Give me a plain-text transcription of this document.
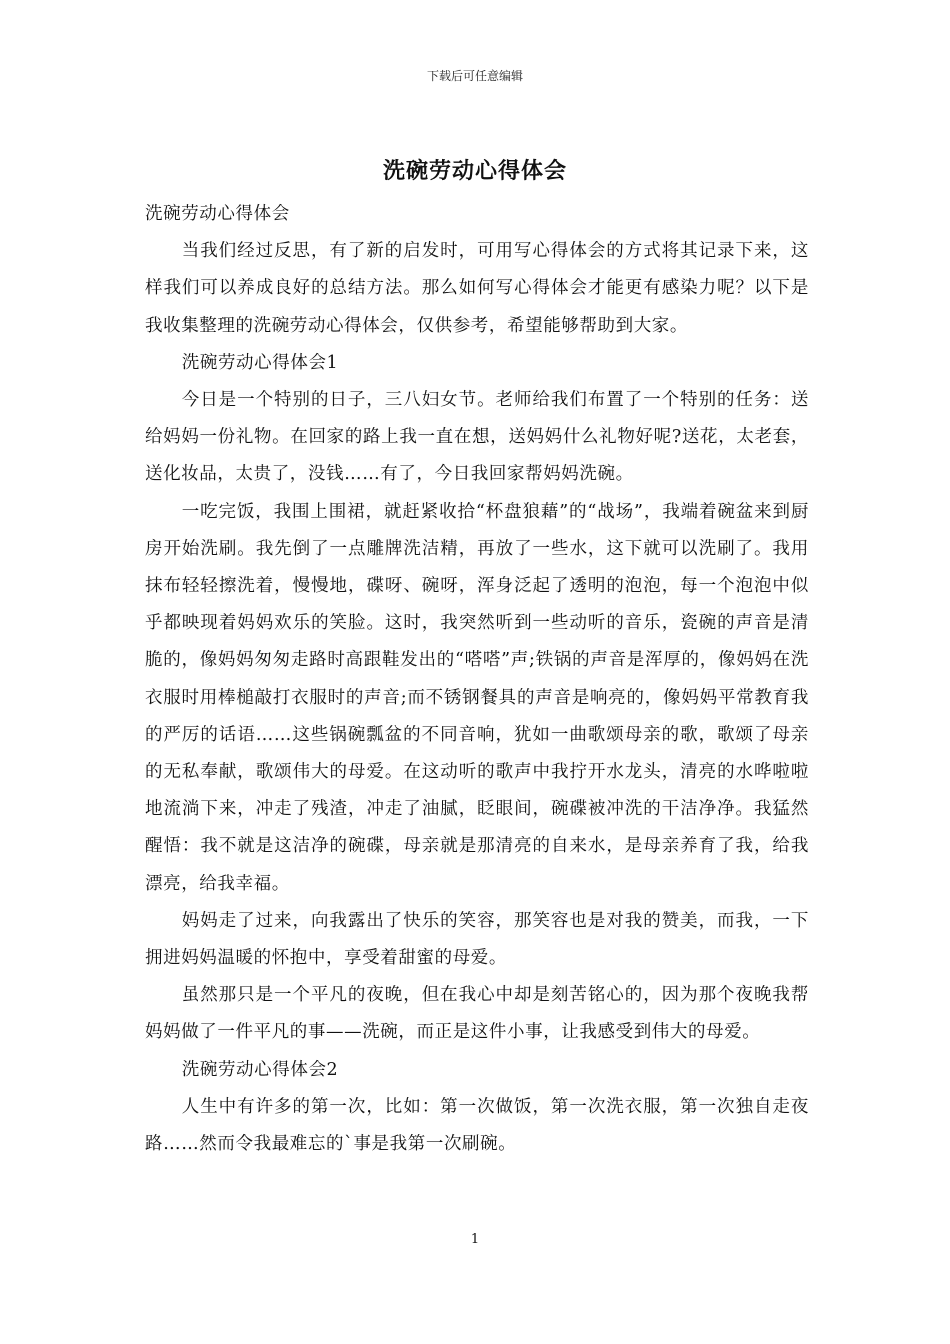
下载后可任意编辑
洗碗劳动心得体会

洗碗劳动心得体会

当我们经过反思，有了新的启发时，可用写心得体会的方式将其记录下来，这样我们可以养成良好的总结方法。那么如何写心得体会才能更有感染力呢？以下是我收集整理的洗碗劳动心得体会，仅供参考，希望能够帮助到大家。

洗碗劳动心得体会1

今日是一个特别的日子，三八妇女节。老师给我们布置了一个特别的任务：送给妈妈一份礼物。在回家的路上我一直在想，送妈妈什么礼物好呢?送花，太老套，送化妆品，太贵了，没钱……有了，今日我回家帮妈妈洗碗。

一吃完饭，我围上围裙，就赶紧收拾“杯盘狼藉”的“战场”，我端着碗盆来到厨房开始洗刷。我先倒了一点雕牌洗洁精，再放了一些水，这下就可以洗刷了。我用抹布轻轻擦洗着，慢慢地，碟呀、碗呀，浑身泛起了透明的泡泡，每一个泡泡中似乎都映现着妈妈欢乐的笑脸。这时，我突然听到一些动听的音乐，瓷碗的声音是清脆的，像妈妈匆匆走路时高跟鞋发出的“嗒嗒”声;铁锅的声音是浑厚的，像妈妈在洗衣服时用棒槌敲打衣服时的声音;而不锈钢餐具的声音是响亮的，像妈妈平常教育我的严厉的话语……这些锅碗瓢盆的不同音响，犹如一曲歌颂母亲的歌，歌颂了母亲的无私奉献，歌颂伟大的母爱。在这动听的歌声中我拧开水龙头，清亮的水哗啦啦地流淌下来，冲走了残渣，冲走了油腻，眨眼间，碗碟被冲洗的干洁净净。我猛然醒悟：我不就是这洁净的碗碟，母亲就是那清亮的自来水，是母亲养育了我，给我漂亮，给我幸福。

妈妈走了过来，向我露出了快乐的笑容，那笑容也是对我的赞美，而我，一下拥进妈妈温暖的怀抱中，享受着甜蜜的母爱。

虽然那只是一个平凡的夜晚，但在我心中却是刻苦铭心的，因为那个夜晚我帮妈妈做了一件平凡的事——洗碗，而正是这件小事，让我感受到伟大的母爱。

洗碗劳动心得体会2

人生中有许多的第一次，比如：第一次做饭，第一次洗衣服，第一次独自走夜路……然而令我最难忘的`事是我第一次刷碗。

1
